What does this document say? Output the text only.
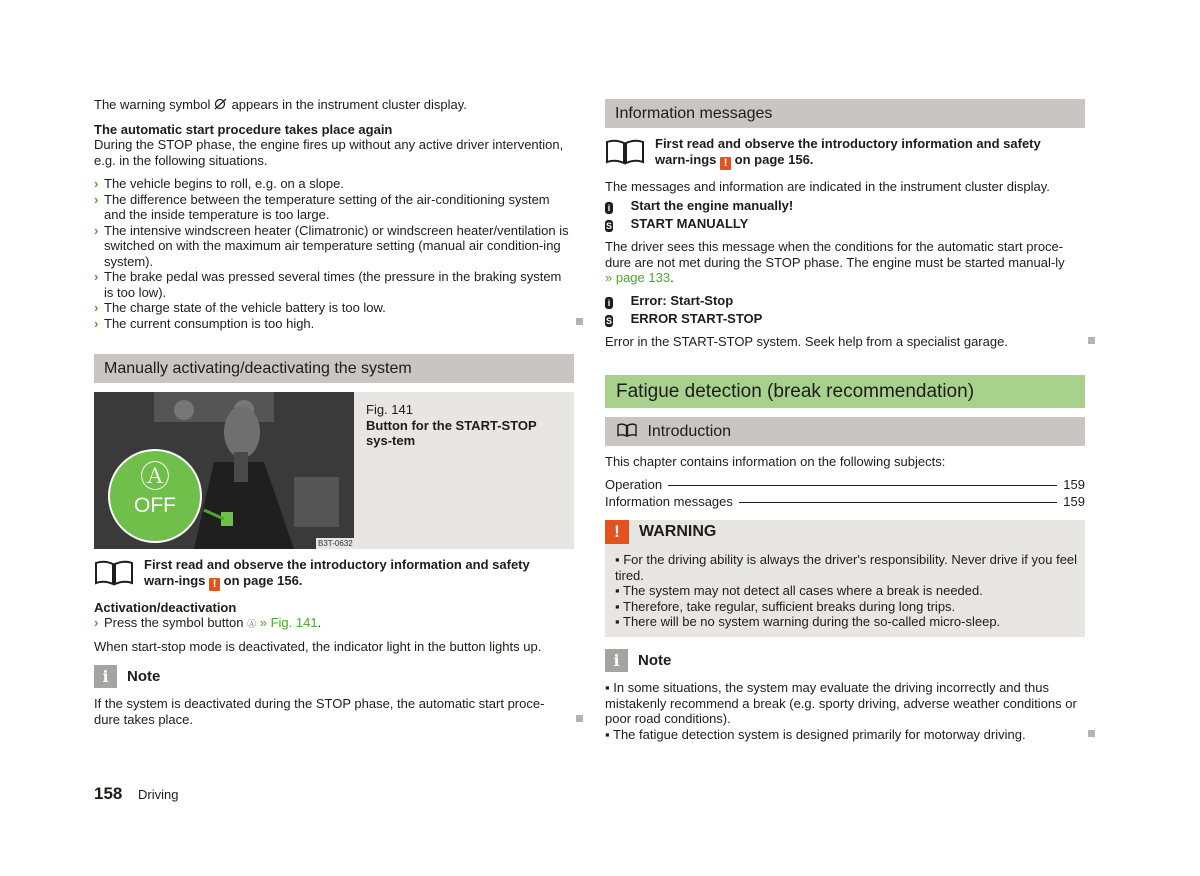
The warning symbol appears in the instrument cluster display.

The automatic start procedure takes place again

During the STOP phase, the engine fires up without any active driver intervention, e.g. in the following situations.

› The vehicle begins to roll, e.g. on a slope.
› The difference between the temperature setting of the air-conditioning system and the inside temperature is too large.
› The intensive windscreen heater (Climatronic) or windscreen heater/ventilation is switched on with the maximum air temperature setting (manual air condition-ing system).
› The brake pedal was pressed several times (the pressure in the braking system is too low).
› The charge state of the vehicle battery is too low.
› The current consumption is too high.
Manually activating/deactivating the system
Ⓐ
OFF
B3T-0632
Fig. 141
Button for the START-STOP sys-tem

First read and observe the introductory information and safety warn-ings ! on page 156.

Activation/deactivation

› Press the symbol button Ⓐ » Fig. 141.

When start-stop mode is deactivated, the indicator light in the button lights up.

i	Note

If the system is deactivated during the STOP phase, the automatic start proce-dure takes place.

Information messages

First read and observe the introductory information and safety warn-ings ! on page 156.

The messages and information are indicated in the instrument cluster display.

i Start the engine manually!
S START MANUALLY

The driver sees this message when the conditions for the automatic start proce-dure are not met during the STOP phase. The engine must be started manual-ly » page 133.

i Error: Start-Stop
S ERROR START-STOP

Error in the START-STOP system. Seek help from a specialist garage.

Fatigue detection (break recommendation)
Introduction

This chapter contains information on the following subjects:

Operation	159
Information messages	159
!	WARNING
▪ For the driving ability is always the driver's responsibility. Never drive if you feel tired.
▪ The system may not detect all cases where a break is needed.
▪ Therefore, take regular, sufficient breaks during long trips.
▪ There will be no system warning during the so-called micro-sleep.
i	Note
▪ In some situations, the system may evaluate the driving incorrectly and thus mistakenly recommend a break (e.g. sporty driving, adverse weather conditions or poor road conditions).
▪ The fatigue detection system is designed primarily for motorway driving.
158 Driving
